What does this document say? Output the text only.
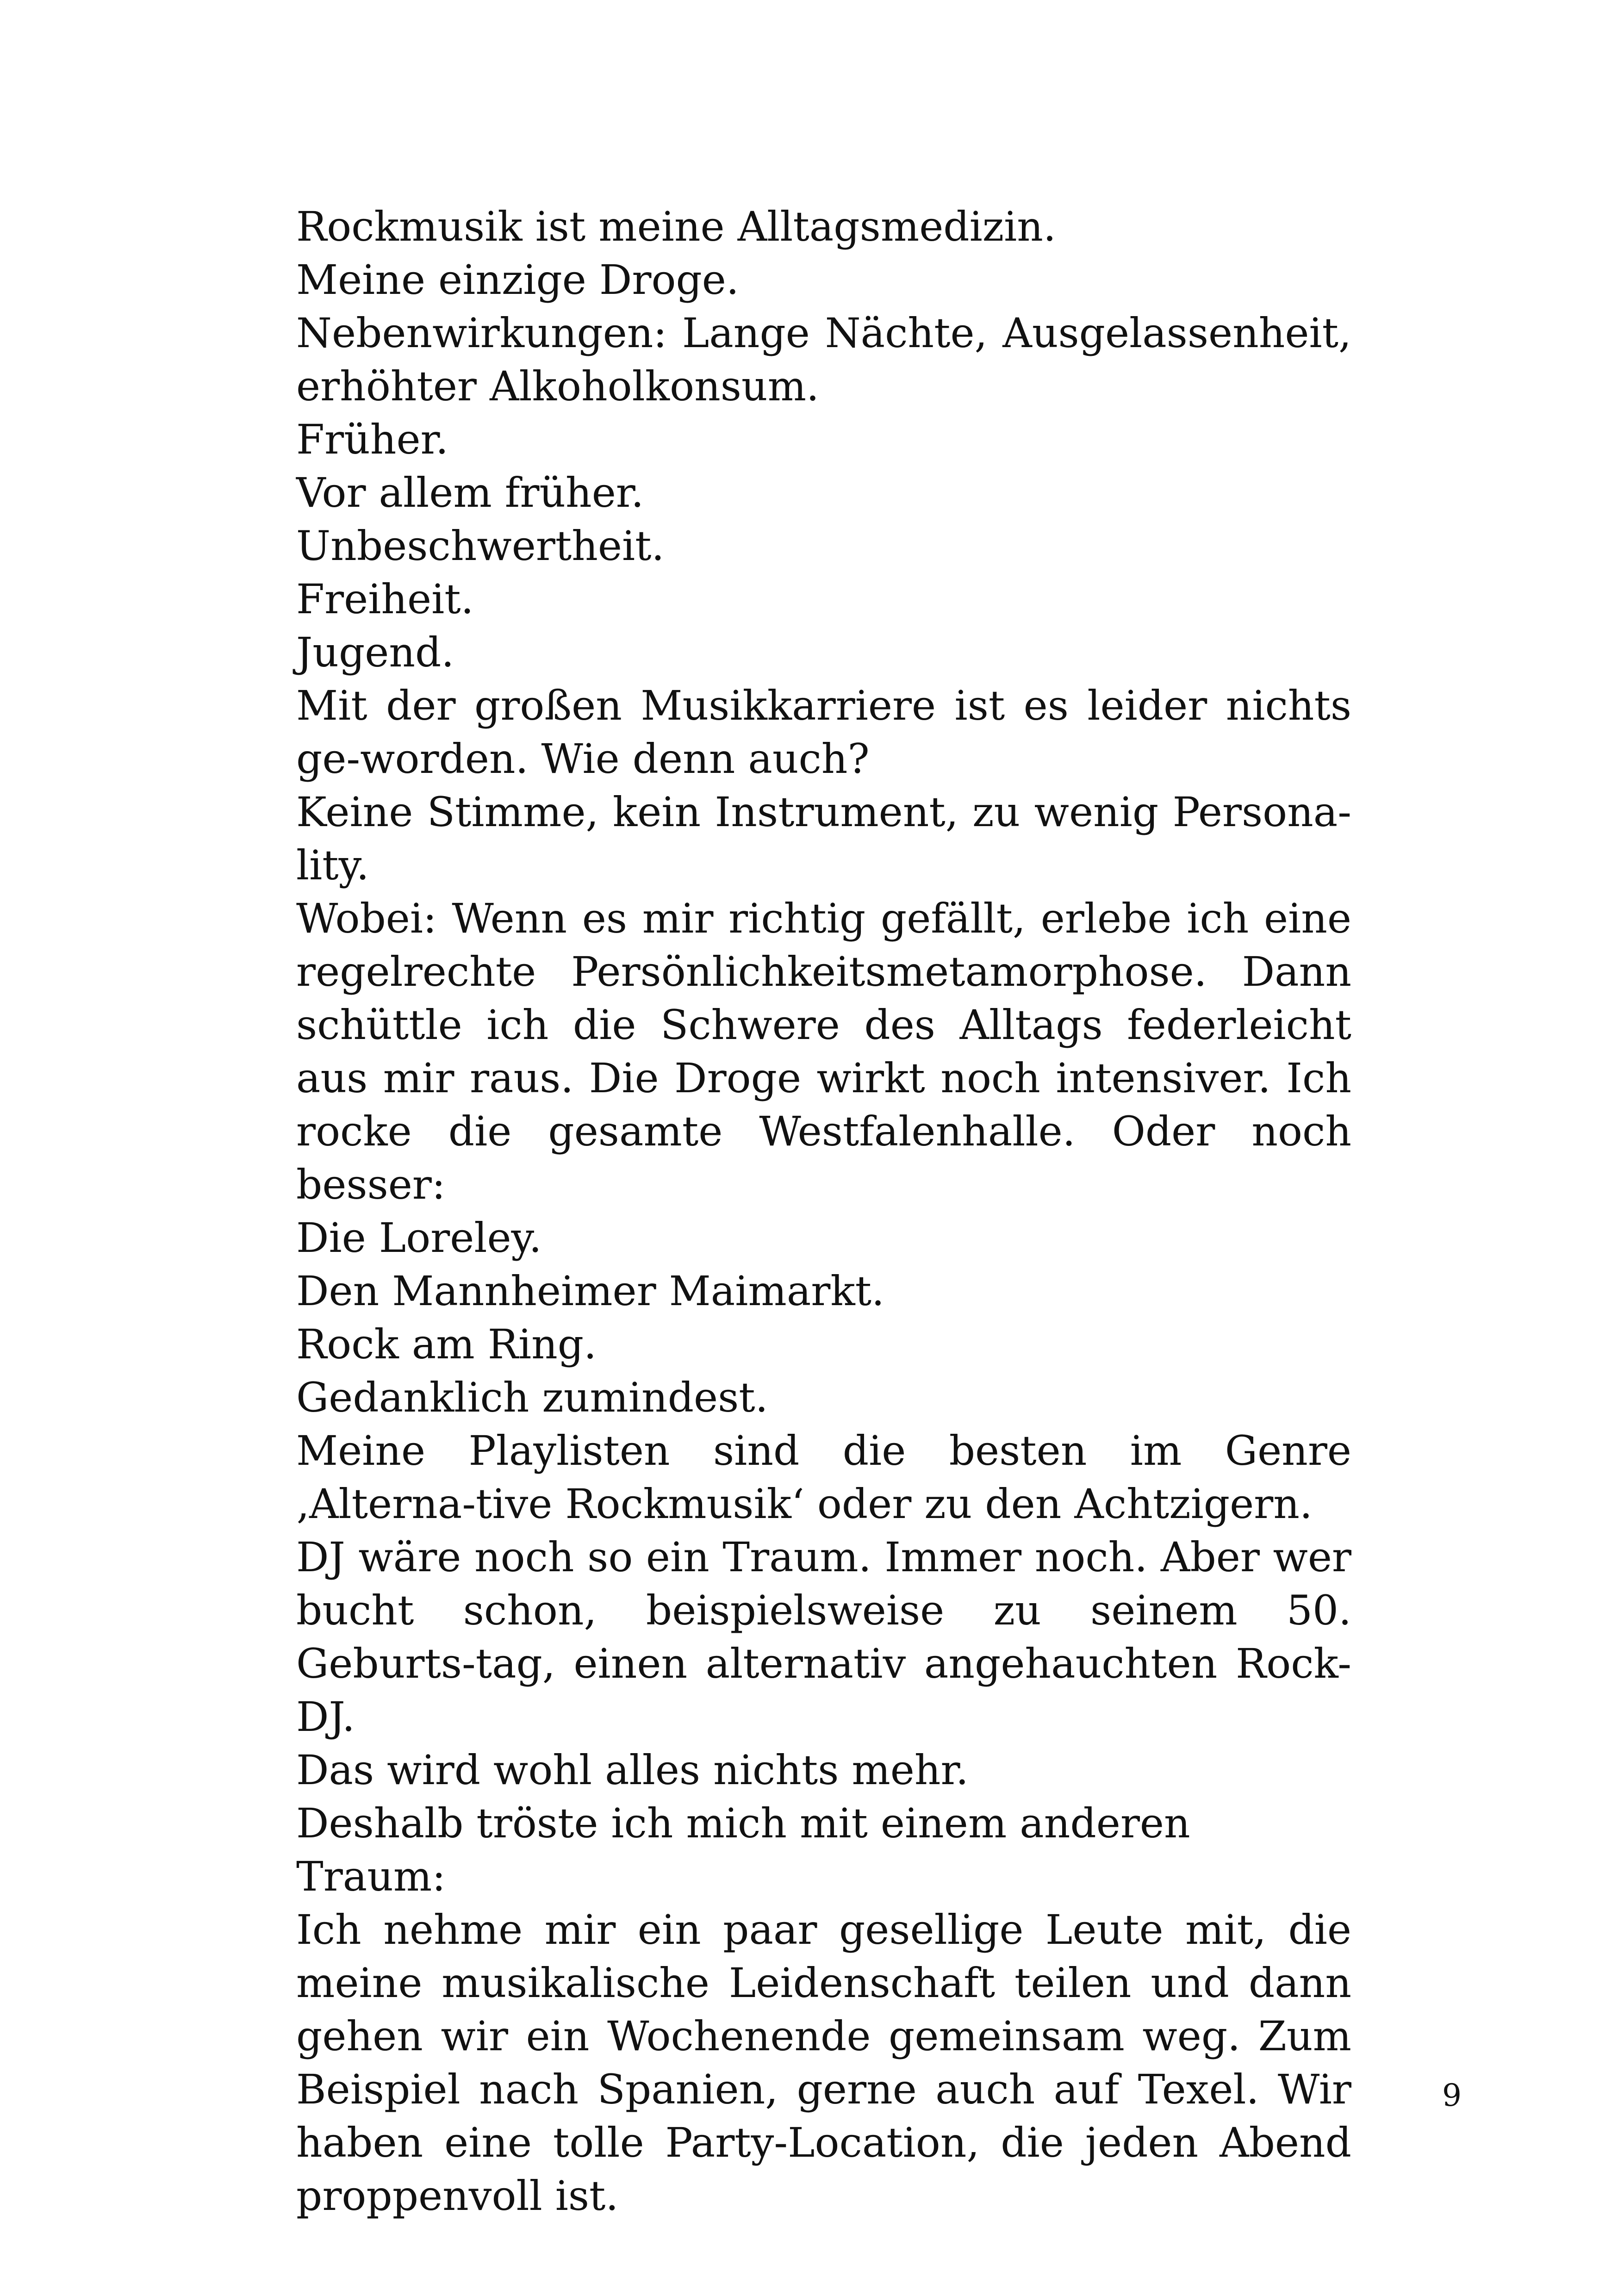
Rockmusik ist meine Alltagsmedizin.

Meine einzige Droge.

Nebenwirkungen: Lange Nächte, Ausgelassenheit, erhöhter Alkoholkonsum.

Früher.

Vor allem früher.

Unbeschwertheit.

Freiheit.

Jugend.

Mit der großen Musikkarriere ist es leider nichts ge-worden. Wie denn auch?

Keine Stimme, kein Instrument, zu wenig Persona-lity.

Wobei: Wenn es mir richtig gefällt, erlebe ich eine regelrechte Persönlichkeitsmetamorphose. Dann schüttle ich die Schwere des Alltags federleicht aus mir raus. Die Droge wirkt noch intensiver. Ich rocke die gesamte Westfalenhalle. Oder noch besser:

Die Loreley.

Den Mannheimer Maimarkt.

Rock am Ring.

Gedanklich zumindest.

Meine Playlisten sind die besten im Genre ‚Alterna-tive Rockmusik‘ oder zu den Achtzigern.

DJ wäre noch so ein Traum. Immer noch. Aber wer bucht schon, beispielsweise zu seinem 50. Geburts-tag, einen alternativ angehauchten Rock-DJ.

Das wird wohl alles nichts mehr.

Deshalb tröste ich mich mit einem anderen Traum:

Ich nehme mir ein paar gesellige Leute mit, die meine musikalische Leidenschaft teilen und dann gehen wir ein Wochenende gemeinsam weg. Zum Beispiel nach Spanien, gerne auch auf Texel. Wir haben eine tolle Party-Location, die jeden Abend proppenvoll ist.

9
